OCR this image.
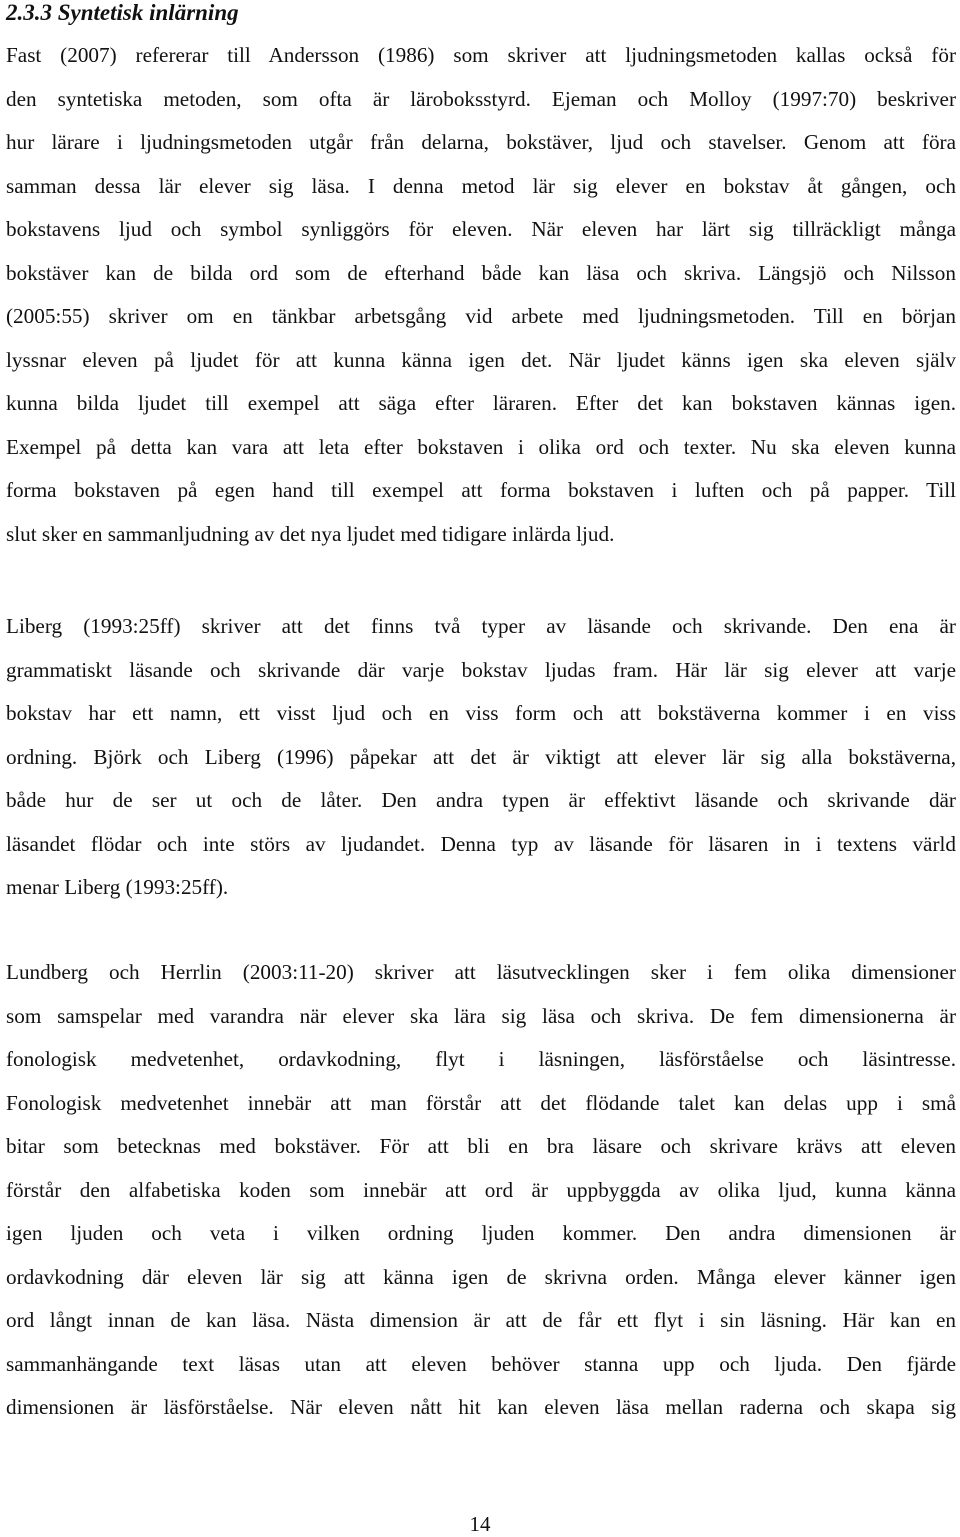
2.3.3 Syntetisk inlärning
Fast (2007) refererar till Andersson (1986) som skriver att ljudningsmetoden kallas också för
den syntetiska metoden, som ofta är läroboksstyrd. Ejeman och Molloy (1997:70) beskriver
hur lärare i ljudningsmetoden utgår från delarna, bokstäver, ljud och stavelser. Genom att föra
samman dessa lär elever sig läsa. I denna metod lär sig elever en bokstav åt gången, och
bokstavens ljud och symbol synliggörs för eleven. När eleven har lärt sig tillräckligt många
bokstäver kan de bilda ord som de efterhand både kan läsa och skriva. Längsjö och Nilsson
(2005:55) skriver om en tänkbar arbetsgång vid arbete med ljudningsmetoden. Till en början
lyssnar eleven på ljudet för att kunna känna igen det. När ljudet känns igen ska eleven själv
kunna bilda ljudet till exempel att säga efter läraren. Efter det kan bokstaven kännas igen.
Exempel på detta kan vara att leta efter bokstaven i olika ord och texter. Nu ska eleven kunna
forma bokstaven på egen hand till exempel att forma bokstaven i luften och på papper. Till
slut sker en sammanljudning av det nya ljudet med tidigare inlärda ljud.
Liberg (1993:25ff) skriver att det finns två typer av läsande och skrivande. Den ena är
grammatiskt läsande och skrivande där varje bokstav ljudas fram. Här lär sig elever att varje
bokstav har ett namn, ett visst ljud och en viss form och att bokstäverna kommer i en viss
ordning. Björk och Liberg (1996) påpekar att det är viktigt att elever lär sig alla bokstäverna,
både hur de ser ut och de låter. Den andra typen är effektivt läsande och skrivande där
läsandet flödar och inte störs av ljudandet. Denna typ av läsande för läsaren in i textens värld
menar Liberg (1993:25ff).
Lundberg och Herrlin (2003:11-20) skriver att läsutvecklingen sker i fem olika dimensioner
som samspelar med varandra när elever ska lära sig läsa och skriva. De fem dimensionerna är
fonologisk medvetenhet, ordavkodning, flyt i läsningen, läsförståelse och läsintresse.
Fonologisk medvetenhet innebär att man förstår att det flödande talet kan delas upp i små
bitar som betecknas med bokstäver. För att bli en bra läsare och skrivare krävs att eleven
förstår den alfabetiska koden som innebär att ord är uppbyggda av olika ljud, kunna känna
igen ljuden och veta i vilken ordning ljuden kommer. Den andra dimensionen är
ordavkodning där eleven lär sig att känna igen de skrivna orden. Många elever känner igen
ord långt innan de kan läsa. Nästa dimension är att de får ett flyt i sin läsning. Här kan en
sammanhängande text läsas utan att eleven behöver stanna upp och ljuda. Den fjärde
dimensionen är läsförståelse. När eleven nått hit kan eleven läsa mellan raderna och skapa sig
14
